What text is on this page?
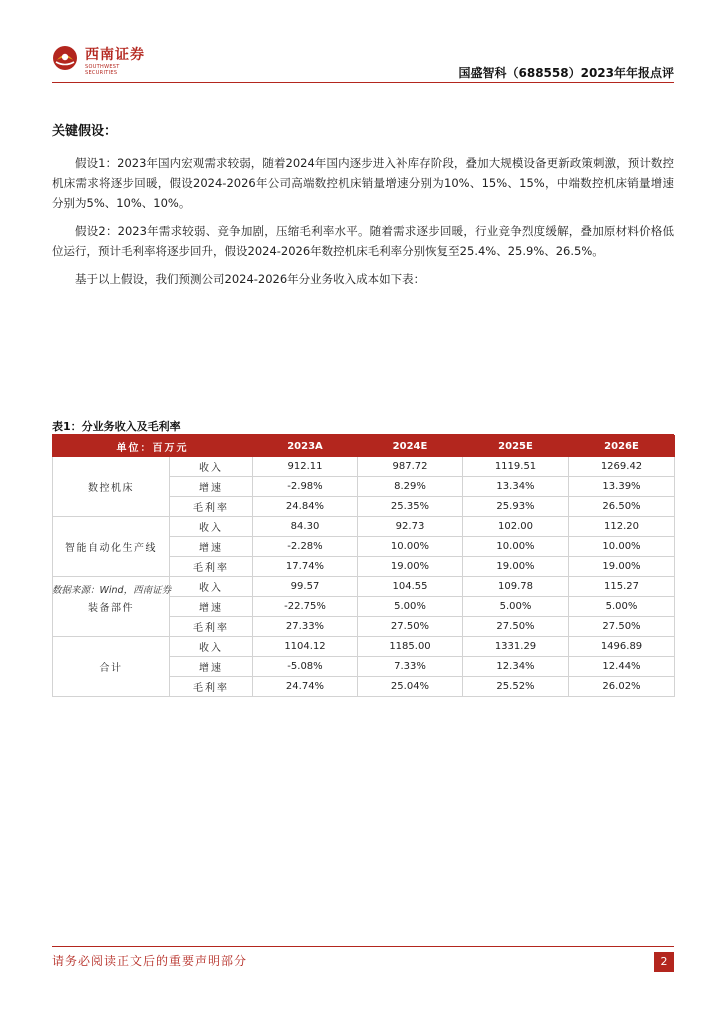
西南证券
SOUTHWEST SECURITIES	国盛智科（688558）2023年年报点评
关键假设：

假设1：2023年国内宏观需求较弱，随着2024年国内逐步进入补库存阶段，叠加大规模设备更新政策刺激，预计数控机床需求将逐步回暖，假设2024-2026年公司高端数控机床销量增速分别为10%、15%、15%，中端数控机床销量增速分别为5%、10%、10%。

假设2：2023年需求较弱、竞争加剧，压缩毛利率水平。随着需求逐步回暖，行业竞争烈度缓解，叠加原材料价格低位运行，预计毛利率将逐步回升，假设2024-2026年数控机床毛利率分别恢复至25.4%、25.9%、26.5%。

基于以上假设，我们预测公司2024-2026年分业务收入成本如下表：

表1：分业务收入及毛利率
单位：百万元		2023A	2024E	2025E	2026E
数控机床	收入	912.11	987.72	1119.51	1269.42
	增速	-2.98%	8.29%	13.34%	13.39%
	毛利率	24.84%	25.35%	25.93%	26.50%
智能自动化生产线	收入	84.30	92.73	102.00	112.20
	增速	-2.28%	10.00%	10.00%	10.00%
	毛利率	17.74%	19.00%	19.00%	19.00%
装备部件	收入	99.57	104.55	109.78	115.27
	增速	-22.75%	5.00%	5.00%	5.00%
	毛利率	27.33%	27.50%	27.50%	27.50%
合计	收入	1104.12	1185.00	1331.29	1496.89
	增速	-5.08%	7.33%	12.34%	12.44%
	毛利率	24.74%	25.04%	25.52%	26.02%
数据来源：Wind，西南证券
请务必阅读正文后的重要声明部分	2
